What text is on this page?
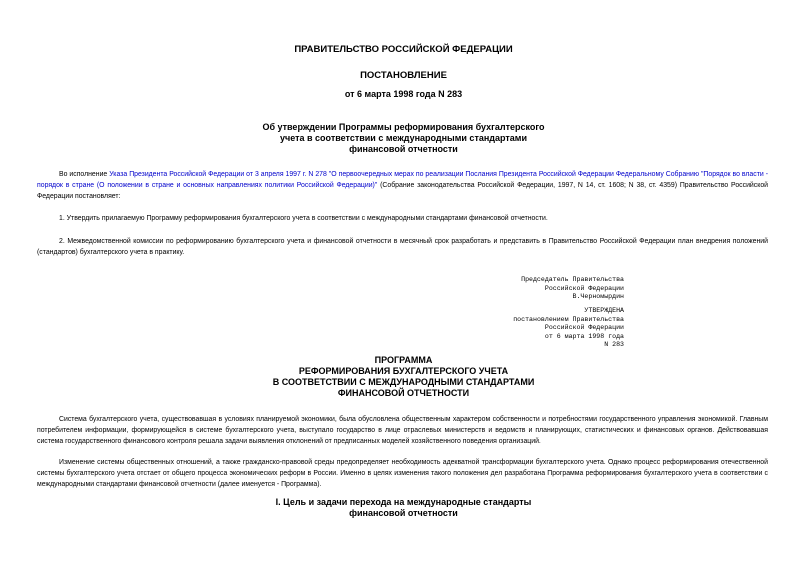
ПРАВИТЕЛЬСТВО РОССИЙСКОЙ ФЕДЕРАЦИИ
ПОСТАНОВЛЕНИЕ
от 6 марта 1998 года N 283
Об утверждении Программы реформирования бухгалтерского
учета в соответствии с международными стандартами
финансовой отчетности
Во исполнение Указа Президента Российской Федерации от 3 апреля 1997 г. N 278 "О первоочередных мерах по реализации Послания Президента Российской Федерации Федеральному Собранию "Порядок во власти - порядок в стране (О положении в стране и основных направлениях политики Российской Федерации)" (Собрание законодательства Российской Федерации, 1997, N 14, ст. 1608; N 38, ст. 4359) Правительство Российской Федерации постановляет:
1. Утвердить прилагаемую Программу реформирования бухгалтерского учета в соответствии с международными стандартами финансовой отчетности.
2. Межведомственной комиссии по реформированию бухгалтерского учета и финансовой отчетности в месячный срок разработать и представить в Правительство Российской Федерации план внедрения положений (стандартов) бухгалтерского учета в практику.
Председатель Правительства
Российской Федерации
В.Черномырдин
УТВЕРЖДЕНА
постановлением Правительства
Российской Федерации
от 6 марта 1998 года
N 283
ПРОГРАММА
РЕФОРМИРОВАНИЯ БУХГАЛТЕРСКОГО УЧЕТА
В СООТВЕТСТВИИ С МЕЖДУНАРОДНЫМИ СТАНДАРТАМИ
ФИНАНСОВОЙ ОТЧЕТНОСТИ
Система бухгалтерского учета, существовавшая в условиях планируемой экономики, была обусловлена общественным характером собственности и потребностями государственного управления экономикой. Главным потребителем информации, формирующейся в системе бухгалтерского учета, выступало государство в лице отраслевых министерств и ведомств и планирующих, статистических и финансовых органов. Действовавшая система государственного финансового контроля решала задачи выявления отклонений от предписанных моделей хозяйственного поведения организаций.
Изменение системы общественных отношений, а также гражданско-правовой среды предопределяет необходимость адекватной трансформации бухгалтерского учета. Однако процесс реформирования отечественной системы бухгалтерского учета отстает от общего процесса экономических реформ в России. Именно в целях изменения такого положения дел разработана Программа реформирования бухгалтерского учета в соответствии с международными стандартами финансовой отчетности (далее именуется - Программа).
I. Цель и задачи перехода на международные стандарты
финансовой отчетности
